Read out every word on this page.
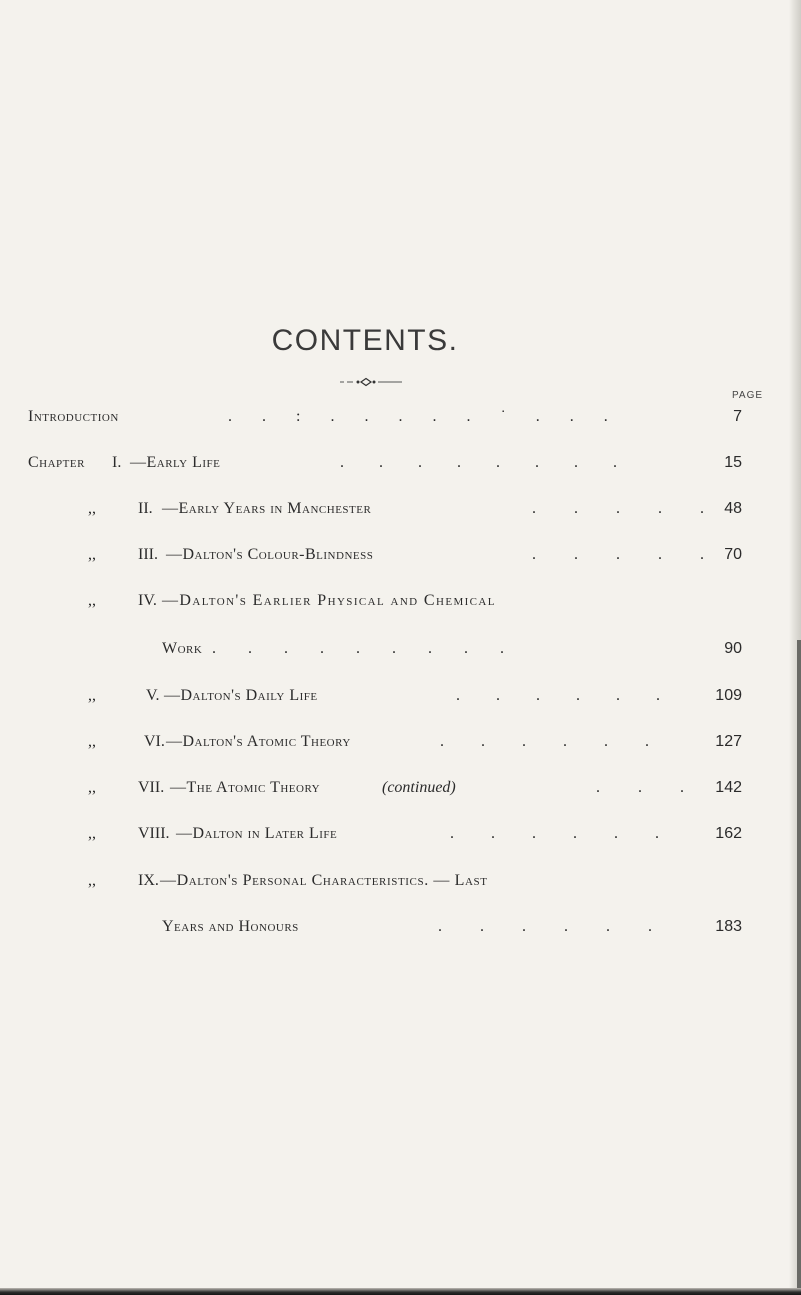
CONTENTS.
PAGE
Introduction	. . : . . . . . ˙ . . .	7
Chapter I. —Early Life	. . . . . . . .	15
,,	II. —Early Years in Manchester	. . . . . 48
,,	III. —Dalton's Colour-Blindness	. . . . . 70
,,	IV. —Dalton's Earlier Physical and Chemical
Work . . . . . . . . .	90
,,	V. —Dalton's Daily Life	. . . . . .	109
,,	VI. —Dalton's Atomic Theory	. . . . . .	127
,,	VII. —The Atomic Theory	(continued)	. . . 142
,,	VIII. —Dalton in Later Life	. . . . . .	162
,,	IX. —Dalton's Personal Characteristics. — Last
Years and Honours	. . . . . .	183
